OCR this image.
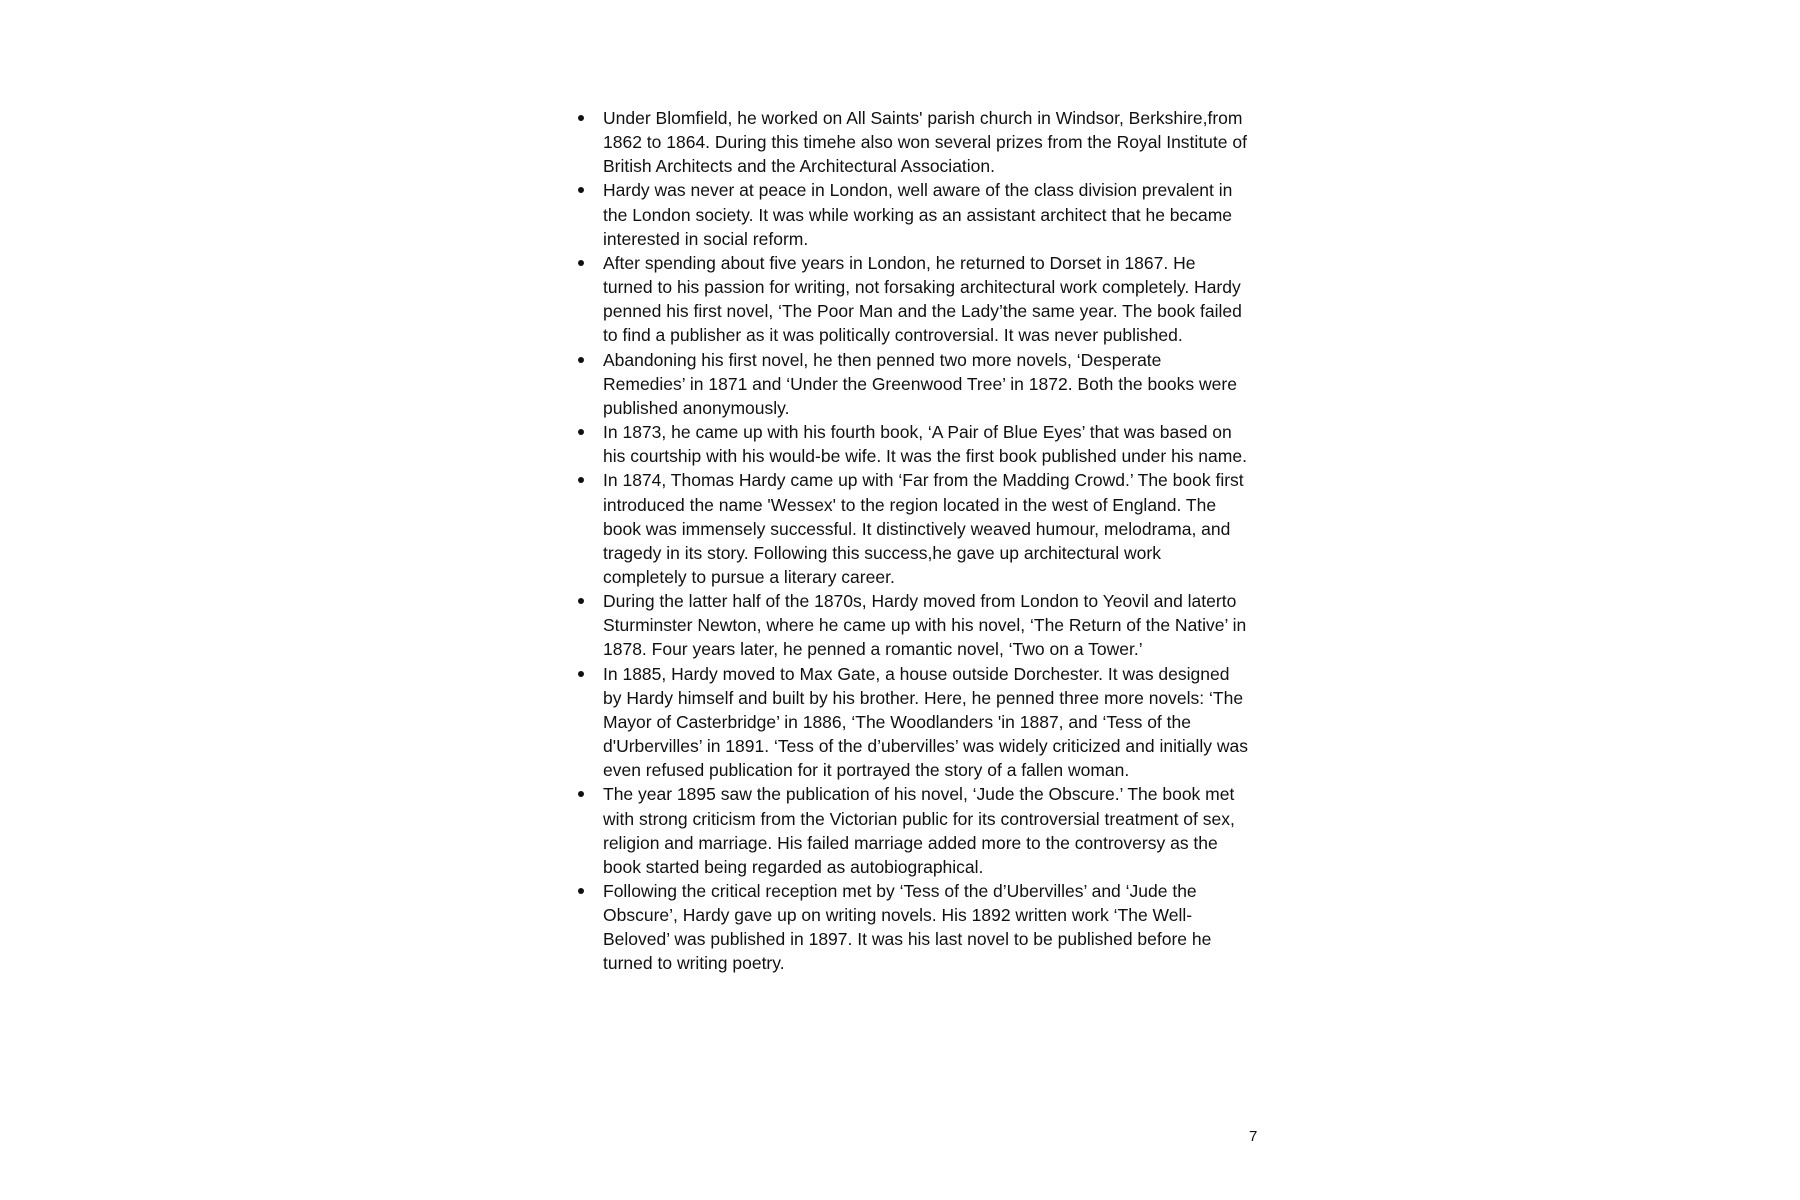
Under Blomfield, he worked on All Saints' parish church in Windsor, Berkshire,from 1862 to 1864. During this timehe also won several prizes from the Royal Institute of British Architects and the Architectural Association.
Hardy was never at peace in London, well aware of the class division prevalent in the London society. It was while working as an assistant architect that he became interested in social reform.
After spending about five years in London, he returned to Dorset in 1867. He turned to his passion for writing, not forsaking architectural work completely. Hardy penned his first novel, ‘The Poor Man and the Lady’the same year. The book failed to find a publisher as it was politically controversial. It was never published.
Abandoning his first novel, he then penned two more novels, ‘Desperate Remedies’ in 1871 and ‘Under the Greenwood Tree’ in 1872. Both the books were published anonymously.
In 1873, he came up with his fourth book, ‘A Pair of Blue Eyes’ that was based on his courtship with his would-be wife. It was the first book published under his name.
In 1874, Thomas Hardy came up with ‘Far from the Madding Crowd.’ The book first introduced the name 'Wessex' to the region located in the west of England. The book was immensely successful. It distinctively weaved humour, melodrama, and tragedy in its story. Following this success,he gave up architectural work completely to pursue a literary career.
During the latter half of the 1870s, Hardy moved from London to Yeovil and laterto Sturminster Newton, where he came up with his novel, ‘The Return of the Native’ in 1878. Four years later, he penned a romantic novel, ‘Two on a Tower.’
In 1885, Hardy moved to Max Gate, a house outside Dorchester. It was designed by Hardy himself and built by his brother. Here, he penned three more novels: ‘The Mayor of Casterbridge’ in 1886, ‘The Woodlanders 'in 1887, and ‘Tess of the d'Urbervilles’ in 1891. ‘Tess of the d’ubervilles’ was widely criticized and initially was even refused publication for it portrayed the story of a fallen woman.
The year 1895 saw the publication of his novel, ‘Jude the Obscure.’ The book met with strong criticism from the Victorian public for its controversial treatment of sex, religion and marriage. His failed marriage added more to the controversy as the book started being regarded as autobiographical.
Following the critical reception met by ‘Tess of the d’Ubervilles’ and ‘Jude the Obscure’, Hardy gave up on writing novels. His 1892 written work ‘The Well-Beloved’ was published in 1897. It was his last novel to be published before he turned to writing poetry.
7
